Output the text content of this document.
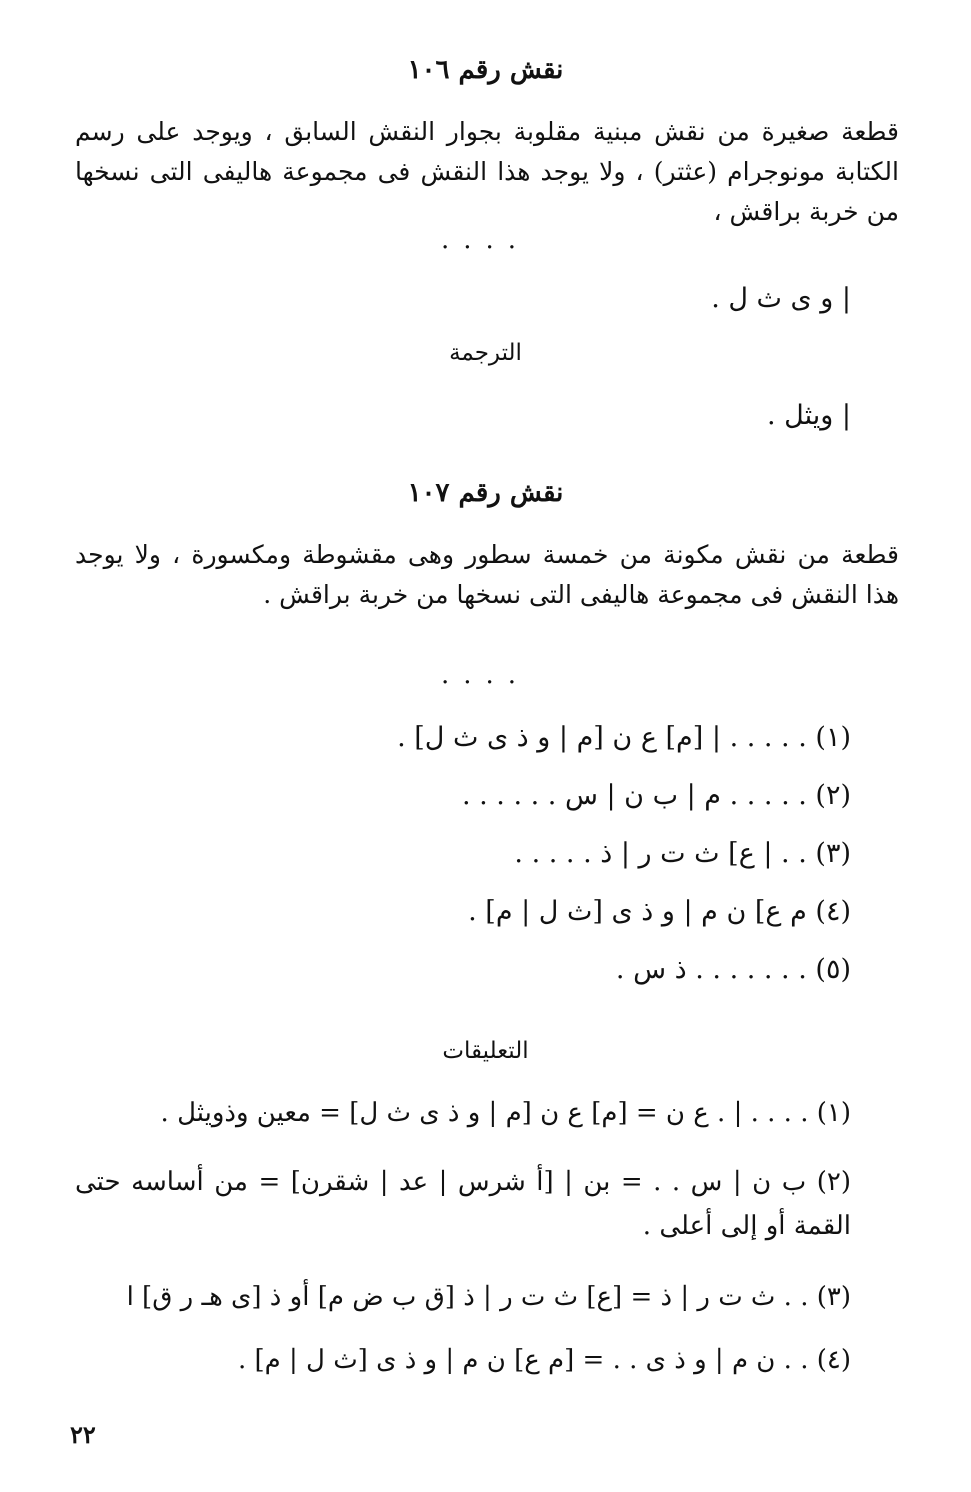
نقش رقم ١٠٦
قطعة صغيرة من نقش مبنية مقلوبة بجوار النقش السابق ، ويوجد على رسم الكتابة مونوجرام (عثتر) ، ولا يوجد هذا النقش فى مجموعة هاليفى التى نسخها من خربة براقش ،
....
| و ى ث ل .
الترجمة
| ويثل .
نقش رقم ١٠٧
قطعة من نقش مكونة من خمسة سطور وهى مقشوطة ومكسورة ، ولا يوجد هذا النقش فى مجموعة هاليفى التى نسخها من خربة براقش .
....
(١) . . . . . | [م] ع ن [م | و ذ ى ث ل] .
(٢) . . . . . م | ب ن | س . . . . . .
(٣) . . | ع] ث ت ر | ذ . . . . .
(٤) م ع] ن م | و ذ ى [ث ل | م] .
(٥) . . . . . . . ذ س .
التعليقات
(١) . . . . | . ع ن = [م] ع ن [م | و ذ ى ث ل] = معين وذويثل .
(٢) ب ن | س . . = بن | [أ شرس | عد | شقرن] = من أساسه حتى القمة أو إلى أعلى .
(٣) . . ث ت ر | ذ = [ع] ث ت ر | ذ [ق ب ض م] أو ذ [ى هـ ر ق] ا
(٤) . . ن م | و ذ ى . . = [م ع] ن م | و ذ ى [ث ل | م] .
٢٢
